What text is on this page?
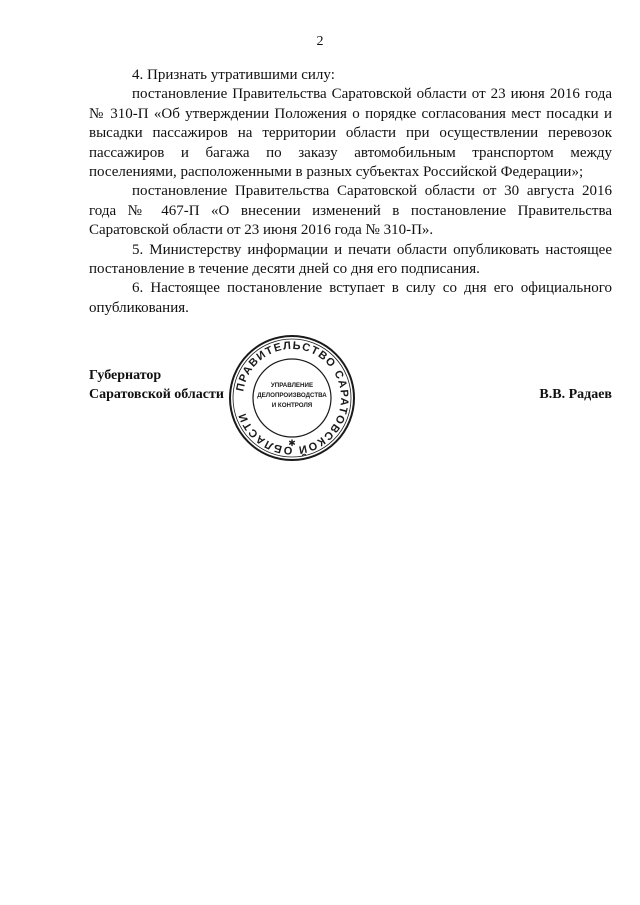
2

4. Признать утратившими силу:

постановление Правительства Саратовской области от 23 июня 2016 года № 310-П «Об утверждении Положения о порядке согласования мест посадки и высадки пассажиров на территории области при осуществлении перевозок пассажиров и багажа по заказу автомобильным транспортом между поселениями, расположенными в разных субъектах Российской Федерации»;

постановление Правительства Саратовской области от 30 августа 2016 года № 467-П «О внесении изменений в постановление Правительства Саратовской области от 23 июня 2016 года № 310-П».

5. Министерству информации и печати области опубликовать настоящее постановление в течение десяти дней со дня его подписания.

6. Настоящее постановление вступает в силу со дня его официального опубликования.

Губернатор
Саратовской области	В.В. Радаев
ПРАВИТЕЛЬСТВО САРАТОВСКОЙ ОБЛАСТИ
УПРАВЛЕНИЕ
ДЕЛОПРОИЗВОДСТВА
И КОНТРОЛЯ
✱
